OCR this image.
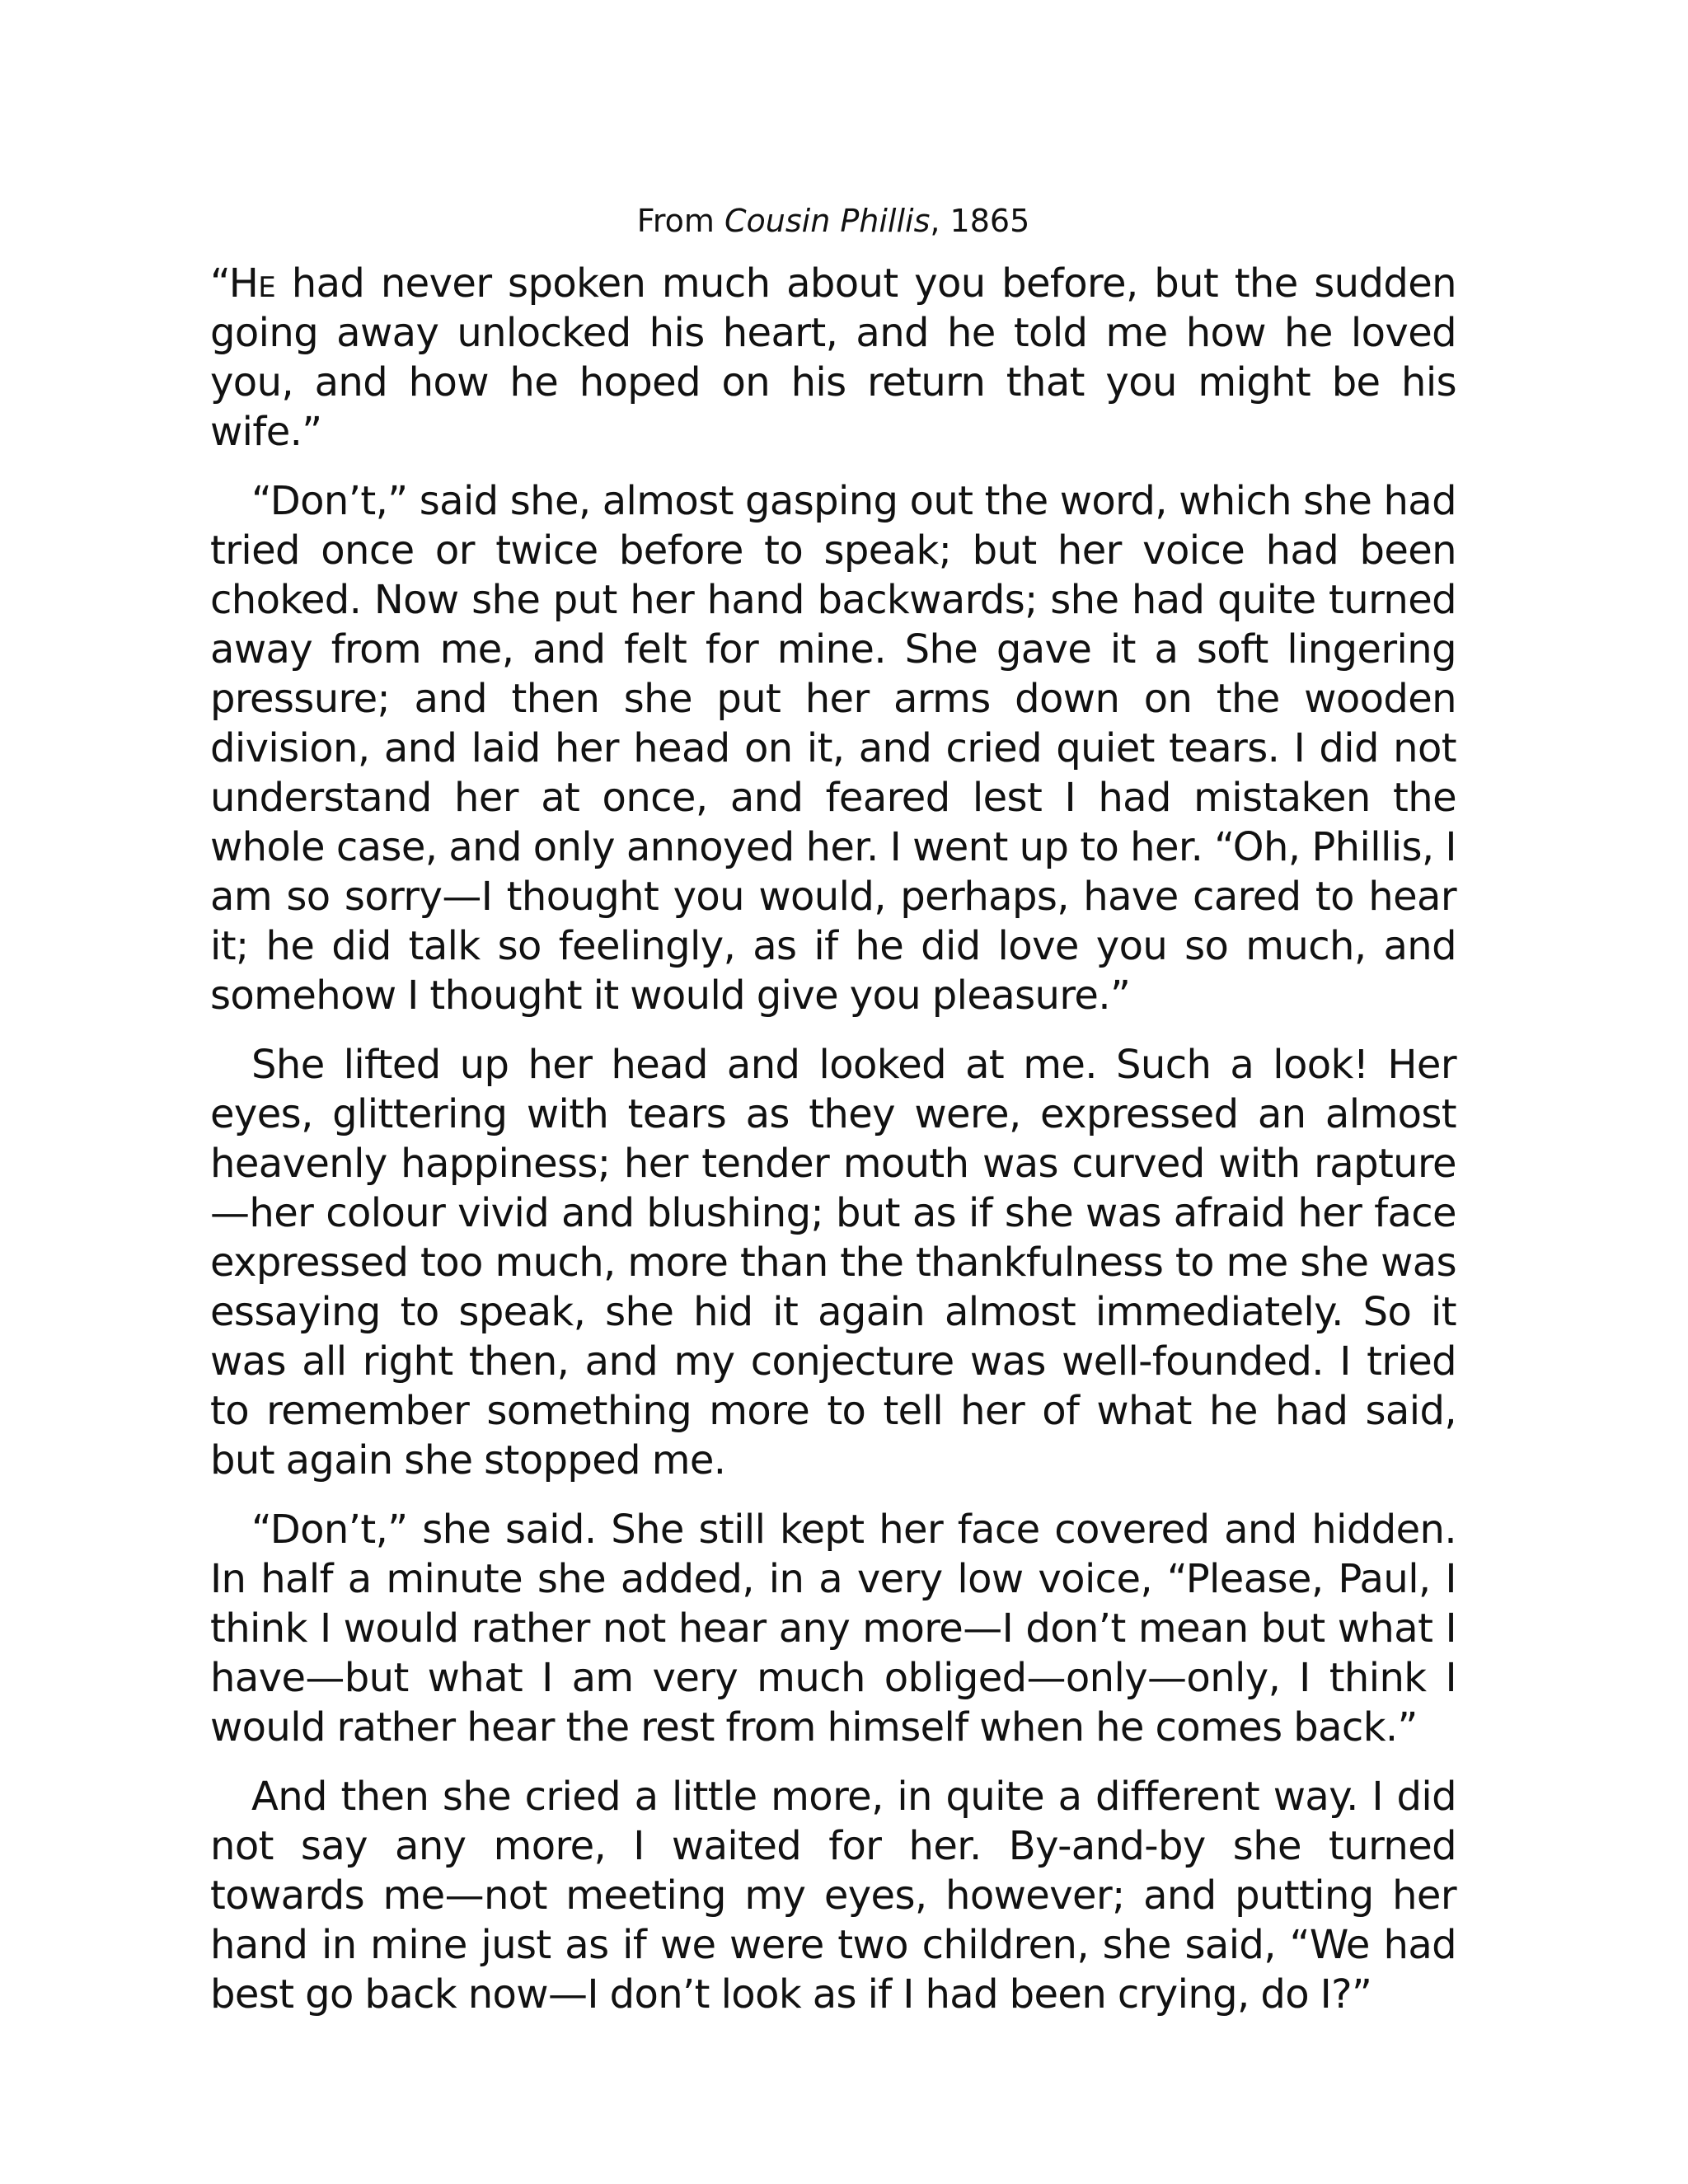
From Cousin Phillis, 1865

“He had never spoken much about you before, but the sudden going away unlocked his heart, and he told me how he loved you, and how he hoped on his return that you might be his wife.”

“Don’t,” said she, almost gasping out the word, which she had tried once or twice before to speak; but her voice had been choked. Now she put her hand backwards; she had quite turned away from me, and felt for mine. She gave it a soft lingering pressure; and then she put her arms down on the wooden division, and laid her head on it, and cried quiet tears. I did not understand her at once, and feared lest I had mistaken the whole case, and only annoyed her. I went up to her. “Oh, Phillis, I am so sorry—I thought you would, perhaps, have cared to hear it; he did talk so feelingly, as if he did love you so much, and somehow I thought it would give you pleasure.”

She lifted up her head and looked at me. Such a look! Her eyes, glittering with tears as they were, expressed an almost heavenly happiness; her tender mouth was curved with rapture—her colour vivid and blushing; but as if she was afraid her face expressed too much, more than the thankfulness to me she was essaying to speak, she hid it again almost immediately. So it was all right then, and my conjecture was well-founded. I tried to remember something more to tell her of what he had said, but again she stopped me.

“Don’t,” she said. She still kept her face covered and hidden. In half a minute she added, in a very low voice, “Please, Paul, I think I would rather not hear any more—I don’t mean but what I have—but what I am very much obliged—only—only, I think I would rather hear the rest from himself when he comes back.”

And then she cried a little more, in quite a different way. I did not say any more, I waited for her. By-and-by she turned towards me—not meeting my eyes, however; and putting her hand in mine just as if we were two children, she said, “We had best go back now—I don’t look as if I had been crying, do I?”
